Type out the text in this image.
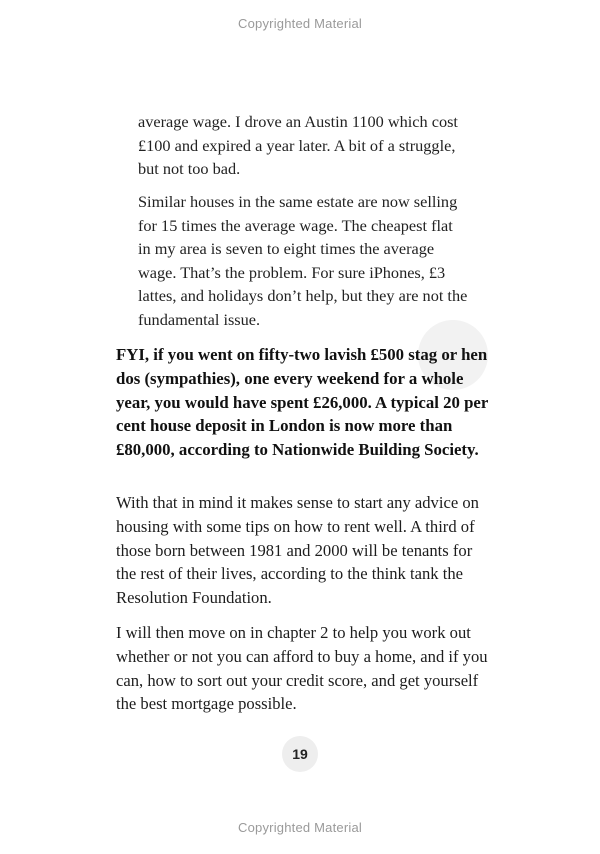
Copyrighted Material

average wage. I drove an Austin 1100 which cost £100 and expired a year later. A bit of a struggle, but not too bad.

Similar houses in the same estate are now selling for 15 times the average wage. The cheapest flat in my area is seven to eight times the average wage. That’s the problem. For sure iPhones, £3 lattes, and holidays don’t help, but they are not the fundamental issue.

FYI, if you went on fifty-two lavish £500 stag or hen dos (sympathies), one every weekend for a whole year, you would have spent £26,000. A typical 20 per cent house deposit in London is now more than £80,000, according to Nationwide Building Society.

With that in mind it makes sense to start any advice on housing with some tips on how to rent well. A third of those born between 1981 and 2000 will be tenants for the rest of their lives, according to the think tank the Resolution Foundation.

I will then move on in chapter 2 to help you work out whether or not you can afford to buy a home, and if you can, how to sort out your credit score, and get yourself the best mortgage possible.

19
Copyrighted Material
